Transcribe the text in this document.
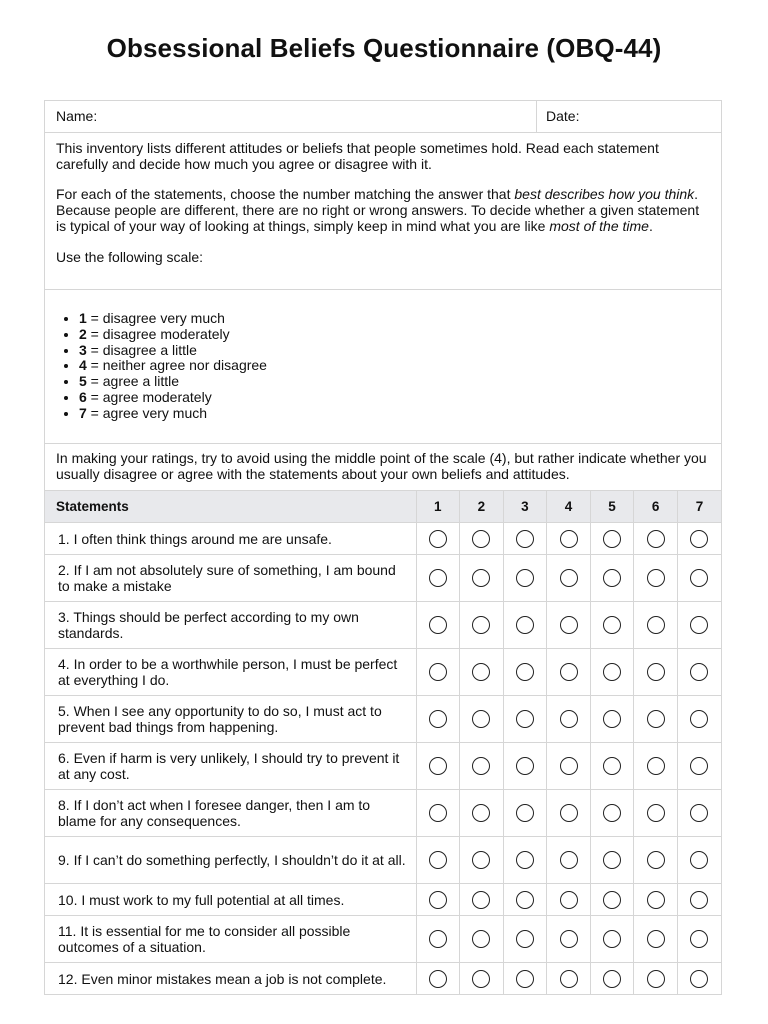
Obsessional Beliefs Questionnaire (OBQ-44)
Name:	Date:

This inventory lists different attitudes or beliefs that people sometimes hold. Read each statement carefully and decide how much you agree or disagree with it.

For each of the statements, choose the number matching the answer that best describes how you think. Because people are different, there are no right or wrong answers. To decide whether a given statement is typical of your way of looking at things, simply keep in mind what you are like most of the time.

Use the following scale:

• 1 = disagree very much
• 2 = disagree moderately
• 3 = disagree a little
• 4 = neither agree nor disagree
• 5 = agree a little
• 6 = agree moderately
• 7 = agree very much
In making your ratings, try to avoid using the middle point of the scale (4), but rather indicate whether you usually disagree or agree with the statements about your own beliefs and attitudes.
Statements	1	2	3	4	5	6	7
1. I often think things around me are unsafe.							
2. If I am not absolutely sure of something, I am bound to make a mistake							
3. Things should be perfect according to my own standards.							
4. In order to be a worthwhile person, I must be perfect at everything I do.							
5. When I see any opportunity to do so, I must act to prevent bad things from happening.							
6. Even if harm is very unlikely, I should try to prevent it at any cost.							
8. If I don’t act when I foresee danger, then I am to blame for any consequences.							
9. If I can’t do something perfectly, I shouldn’t do it at all.							
10. I must work to my full potential at all times.							
11. It is essential for me to consider all possible outcomes of a situation.							
12. Even minor mistakes mean a job is not complete.							
